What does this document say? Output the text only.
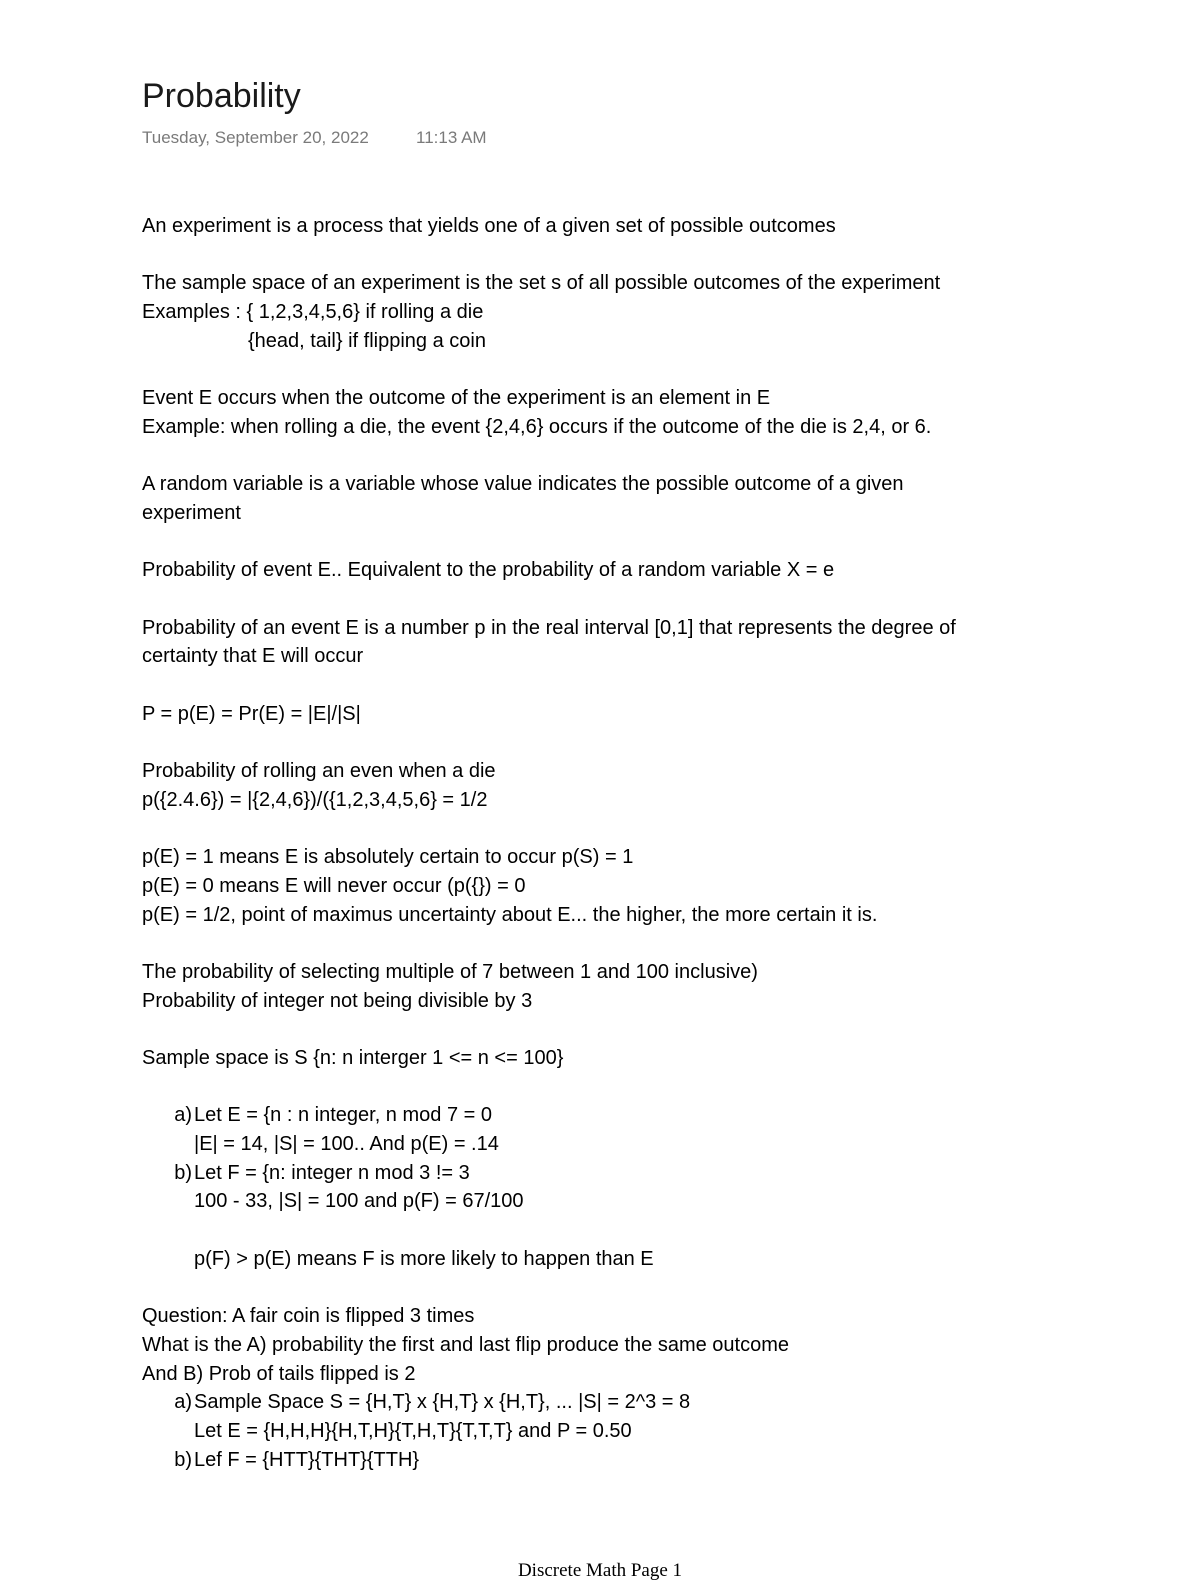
Probability
Tuesday, September 20, 2022	11:13 AM
An experiment is a process that yields one of a given set of possible outcomes
The sample space of an experiment is the set s of all possible outcomes of the experiment
Examples : { 1,2,3,4,5,6} if rolling a die
{head, tail} if flipping a coin
Event E occurs when the outcome of the experiment is an element in E
Example: when rolling a die, the event {2,4,6} occurs if the outcome of the die is 2,4, or 6.
A random variable is a variable whose value indicates the possible outcome of a given
experiment
Probability of event E.. Equivalent to the probability of a random variable X = e
Probability of an event E is a number p in the real interval [0,1] that represents the degree of
certainty that E will occur
P = p(E) = Pr(E) = |E|/|S|
Probability of rolling an even when a die
p({2.4.6}) = |{2,4,6})/({1,2,3,4,5,6} = 1/2
p(E) = 1 means E is absolutely certain to occur p(S) = 1
p(E) = 0 means E will never occur (p({}) = 0
p(E) = 1/2, point of maximus uncertainty about E... the higher, the more certain it is.
The probability of selecting multiple of 7 between 1 and 100 inclusive)
Probability of integer not being divisible by 3
Sample space is S {n: n interger 1 <= n <= 100}
a) Let E = {n : n integer, n mod 7 = 0
|E| = 14, |S| = 100.. And p(E) = .14
b) Let F = {n: integer n mod 3 != 3
100 - 33, |S| = 100 and p(F) = 67/100
p(F) > p(E) means F is more likely to happen than E
Question: A fair coin is flipped 3 times
What is the A) probability the first and last flip produce the same outcome
And B) Prob of tails flipped is 2
a) Sample Space S = {H,T} x {H,T} x {H,T}, ... |S| = 2^3 = 8
Let E = {H,H,H}{H,T,H}{T,H,T}{T,T,T} and P = 0.50
b) Lef F = {HTT}{THT}{TTH}
Discrete Math Page 1
